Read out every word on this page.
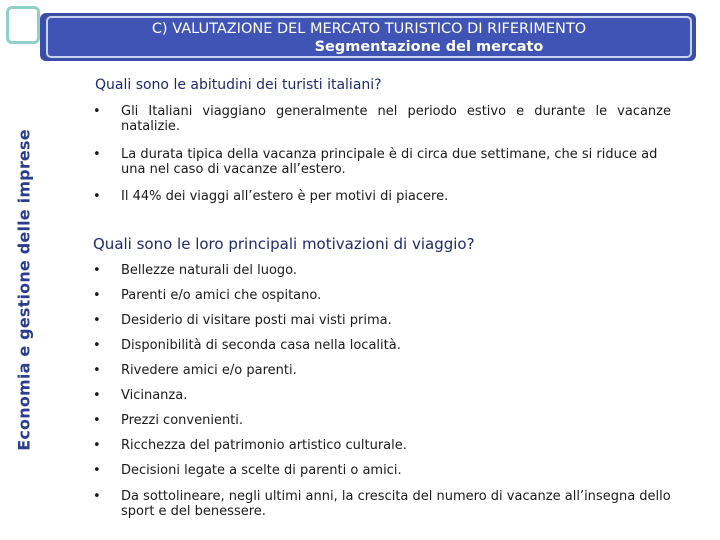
Economia e gestione delle imprese
C) VALUTAZIONE DEL MERCATO TURISTICO DI RIFERIMENTO
Segmentazione del mercato
Quali sono le abitudini dei turisti italiani?
•	Gli Italiani viaggiano generalmente nel periodo estivo e durante le vacanze natalizie.
•	La durata tipica della vacanza principale è di circa due settimane, che si riduce ad una nel caso di vacanze all’estero.
•	Il 44% dei viaggi all’estero è per motivi di piacere.
Quali sono le loro principali motivazioni di viaggio?
•	Bellezze naturali del luogo.
•	Parenti e/o amici che ospitano.
•	Desiderio di visitare posti mai visti prima.
•	Disponibilità di seconda casa nella località.
•	Rivedere amici e/o parenti.
•	Vicinanza.
•	Prezzi convenienti.
•	Ricchezza del patrimonio artistico culturale.
•	Decisioni legate a scelte di parenti o amici.
•	Da sottolineare, negli ultimi anni, la crescita del numero di vacanze all’insegna dello sport e del benessere.
